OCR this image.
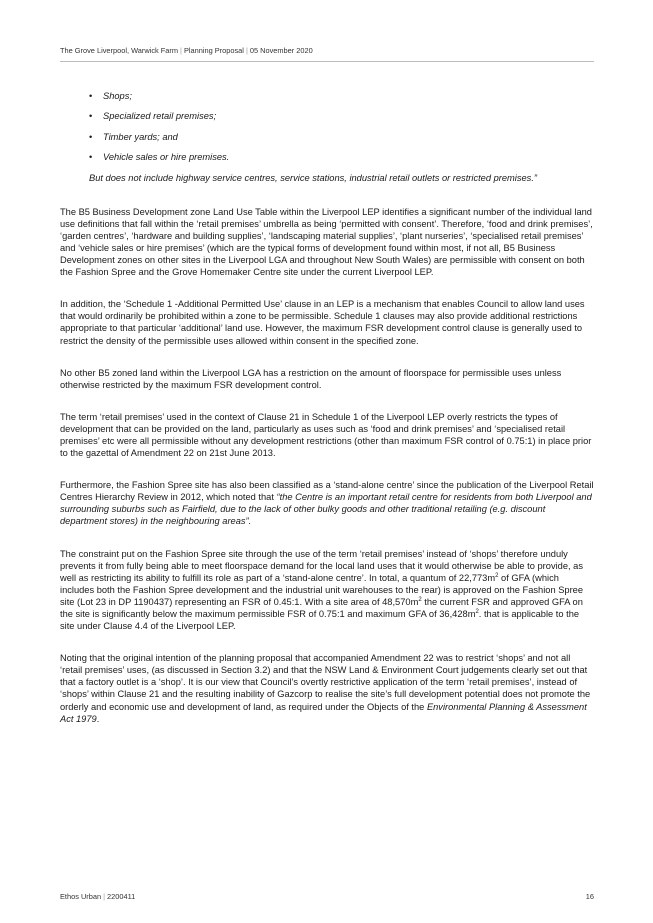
The Grove Liverpool, Warwick Farm | Planning Proposal | 05 November 2020
• Shops;
• Specialized retail premises;
• Timber yards; and
• Vehicle sales or hire premises.
But does not include highway service centres, service stations, industrial retail outlets or restricted premises.”

The B5 Business Development zone Land Use Table within the Liverpool LEP identifies a significant number of the individual land use definitions that fall within the ‘retail premises’ umbrella as being ‘permitted with consent’. Therefore, ‘food and drink premises’, ‘garden centres’, ‘hardware and building supplies’, ‘landscaping material supplies’, ‘plant nurseries’, ‘specialised retail premises’ and ‘vehicle sales or hire premises’ (which are the typical forms of development found within most, if not all, B5 Business Development zones on other sites in the Liverpool LGA and throughout New South Wales) are permissible with consent on both the Fashion Spree and the Grove Homemaker Centre site under the current Liverpool LEP.

In addition, the ‘Schedule 1 -Additional Permitted Use’ clause in an LEP is a mechanism that enables Council to allow land uses that would ordinarily be prohibited within a zone to be permissible. Schedule 1 clauses may also provide additional restrictions appropriate to that particular ‘additional’ land use. However, the maximum FSR development control clause is generally used to restrict the density of the permissible uses allowed within consent in the specified zone.

No other B5 zoned land within the Liverpool LGA has a restriction on the amount of floorspace for permissible uses unless otherwise restricted by the maximum FSR development control.

The term ‘retail premises’ used in the context of Clause 21 in Schedule 1 of the Liverpool LEP overly restricts the types of development that can be provided on the land, particularly as uses such as ‘food and drink premises’ and ‘specialised retail premises’ etc were all permissible without any development restrictions (other than maximum FSR control of 0.75:1) in place prior to the gazettal of Amendment 22 on 21st June 2013.

Furthermore, the Fashion Spree site has also been classified as a ‘stand-alone centre’ since the publication of the Liverpool Retail Centres Hierarchy Review in 2012, which noted that “the Centre is an important retail centre for residents from both Liverpool and surrounding suburbs such as Fairfield, due to the lack of other bulky goods and other traditional retailing (e.g. discount department stores) in the neighbouring areas”.

The constraint put on the Fashion Spree site through the use of the term ‘retail premises’ instead of ‘shops’ therefore unduly prevents it from fully being able to meet floorspace demand for the local land uses that it would otherwise be able to provide, as well as restricting its ability to fulfill its role as part of a ‘stand-alone centre’. In total, a quantum of $22,773m^2$ of GFA (which includes both the Fashion Spree development and the industrial unit warehouses to the rear) is approved on the Fashion Spree site (Lot 23 in DP 1190437) representing an FSR of 0.45:1. With a site area of $48,570m^2$ the current FSR and approved GFA on the site is significantly below the maximum permissible FSR of 0.75:1 and maximum GFA of $36,428m^2$. that is applicable to the site under Clause 4.4 of the Liverpool LEP.

Noting that the original intention of the planning proposal that accompanied Amendment 22 was to restrict ‘shops’ and not all ‘retail premises’ uses, (as discussed in Section 3.2) and that the NSW Land & Environment Court judgements clearly set out that that a factory outlet is a ‘shop’. It is our view that Council’s overtly restrictive application of the term ‘retail premises’, instead of ‘shops’ within Clause 21 and the resulting inability of Gazcorp to realise the site’s full development potential does not promote the orderly and economic use and development of land, as required under the Objects of the Environmental Planning & Assessment Act 1979.

Ethos Urban | 2200411	16
